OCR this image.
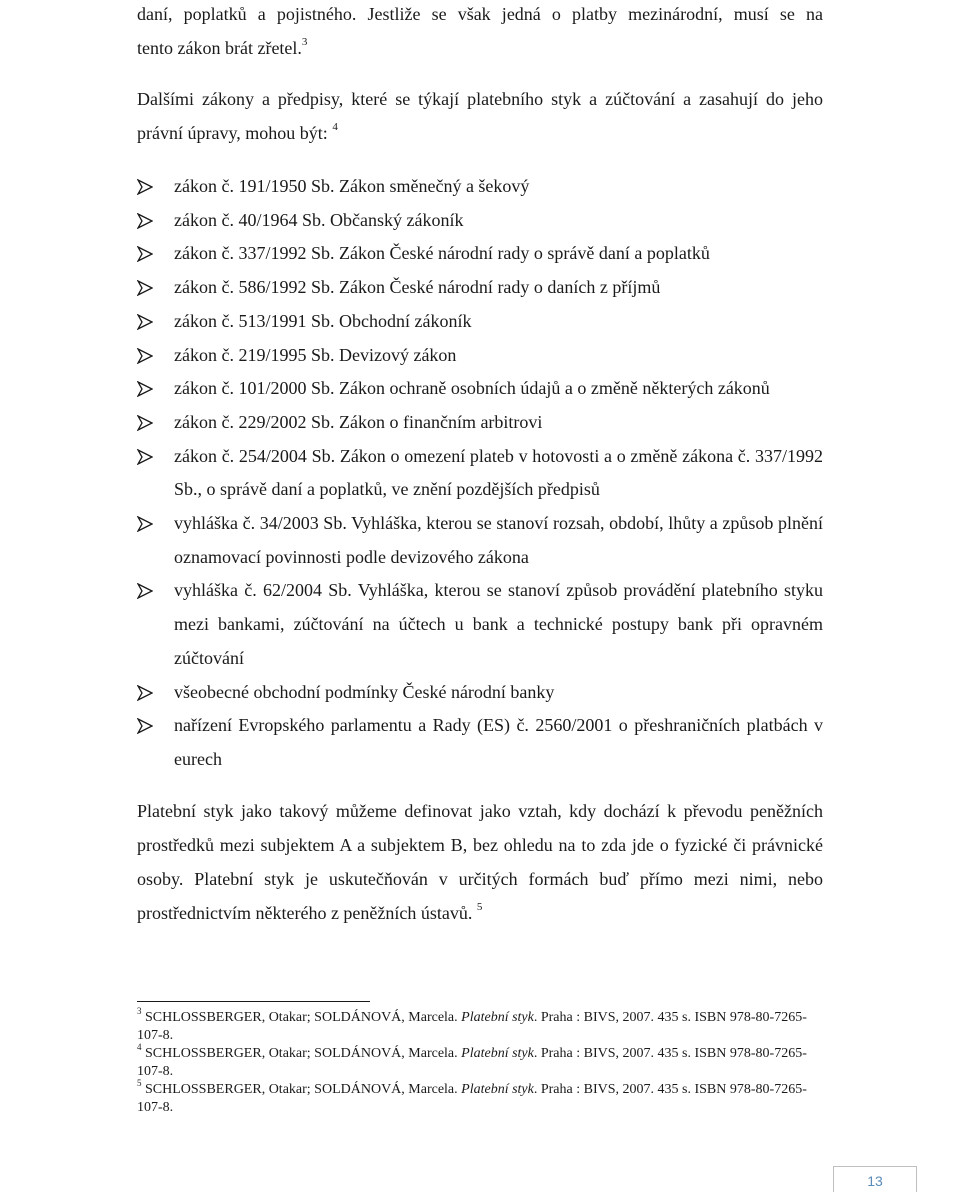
daní, poplatků a pojistného. Jestliže se však jedná o platby mezinárodní, musí se na
tento zákon brát zřetel.$^3$
Dalšími zákony a předpisy, které se týkají platebního styk a zúčtování a zasahují do jeho právní úpravy, mohou být: $^4$
zákon č. 191/1950 Sb. Zákon směnečný a šekový
zákon č. 40/1964 Sb. Občanský zákoník
zákon č. 337/1992 Sb. Zákon České národní rady o správě daní a poplatků
zákon č. 586/1992 Sb. Zákon České národní rady o daních z příjmů
zákon č. 513/1991 Sb. Obchodní zákoník
zákon č. 219/1995 Sb. Devizový zákon
zákon č. 101/2000 Sb. Zákon ochraně osobních údajů a o změně některých zákonů
zákon č. 229/2002 Sb. Zákon o finančním arbitrovi
zákon č. 254/2004 Sb. Zákon o omezení plateb v hotovosti a o změně zákona č. 337/1992 Sb., o správě daní a poplatků, ve znění pozdějších předpisů
vyhláška č. 34/2003 Sb. Vyhláška, kterou se stanoví rozsah, období, lhůty a způsob plnění oznamovací povinnosti podle devizového zákona
vyhláška č. 62/2004 Sb. Vyhláška, kterou se stanoví způsob provádění platebního styku mezi bankami, zúčtování na účtech u bank a technické postupy bank při opravném zúčtování
všeobecné obchodní podmínky České národní banky
nařízení Evropského parlamentu a Rady (ES) č. 2560/2001 o přeshraničních platbách v eurech
Platební styk jako takový můžeme definovat jako vztah, kdy dochází k převodu peněžních prostředků mezi subjektem A a subjektem B, bez ohledu na to zda jde o fyzické či právnické osoby. Platební styk je uskutečňován v určitých formách buď přímo mezi nimi, nebo prostřednictvím některého z peněžních ústavů. $^5$
$^3$ SCHLOSSBERGER, Otakar; SOLDÁNOVÁ, Marcela. Platební styk. Praha : BIVS, 2007. 435 s. ISBN 978-80-7265-107-8.
$^4$ SCHLOSSBERGER, Otakar; SOLDÁNOVÁ, Marcela. Platební styk. Praha : BIVS, 2007. 435 s. ISBN 978-80-7265-107-8.
$^5$ SCHLOSSBERGER, Otakar; SOLDÁNOVÁ, Marcela. Platební styk. Praha : BIVS, 2007. 435 s. ISBN 978-80-7265-107-8.
13
